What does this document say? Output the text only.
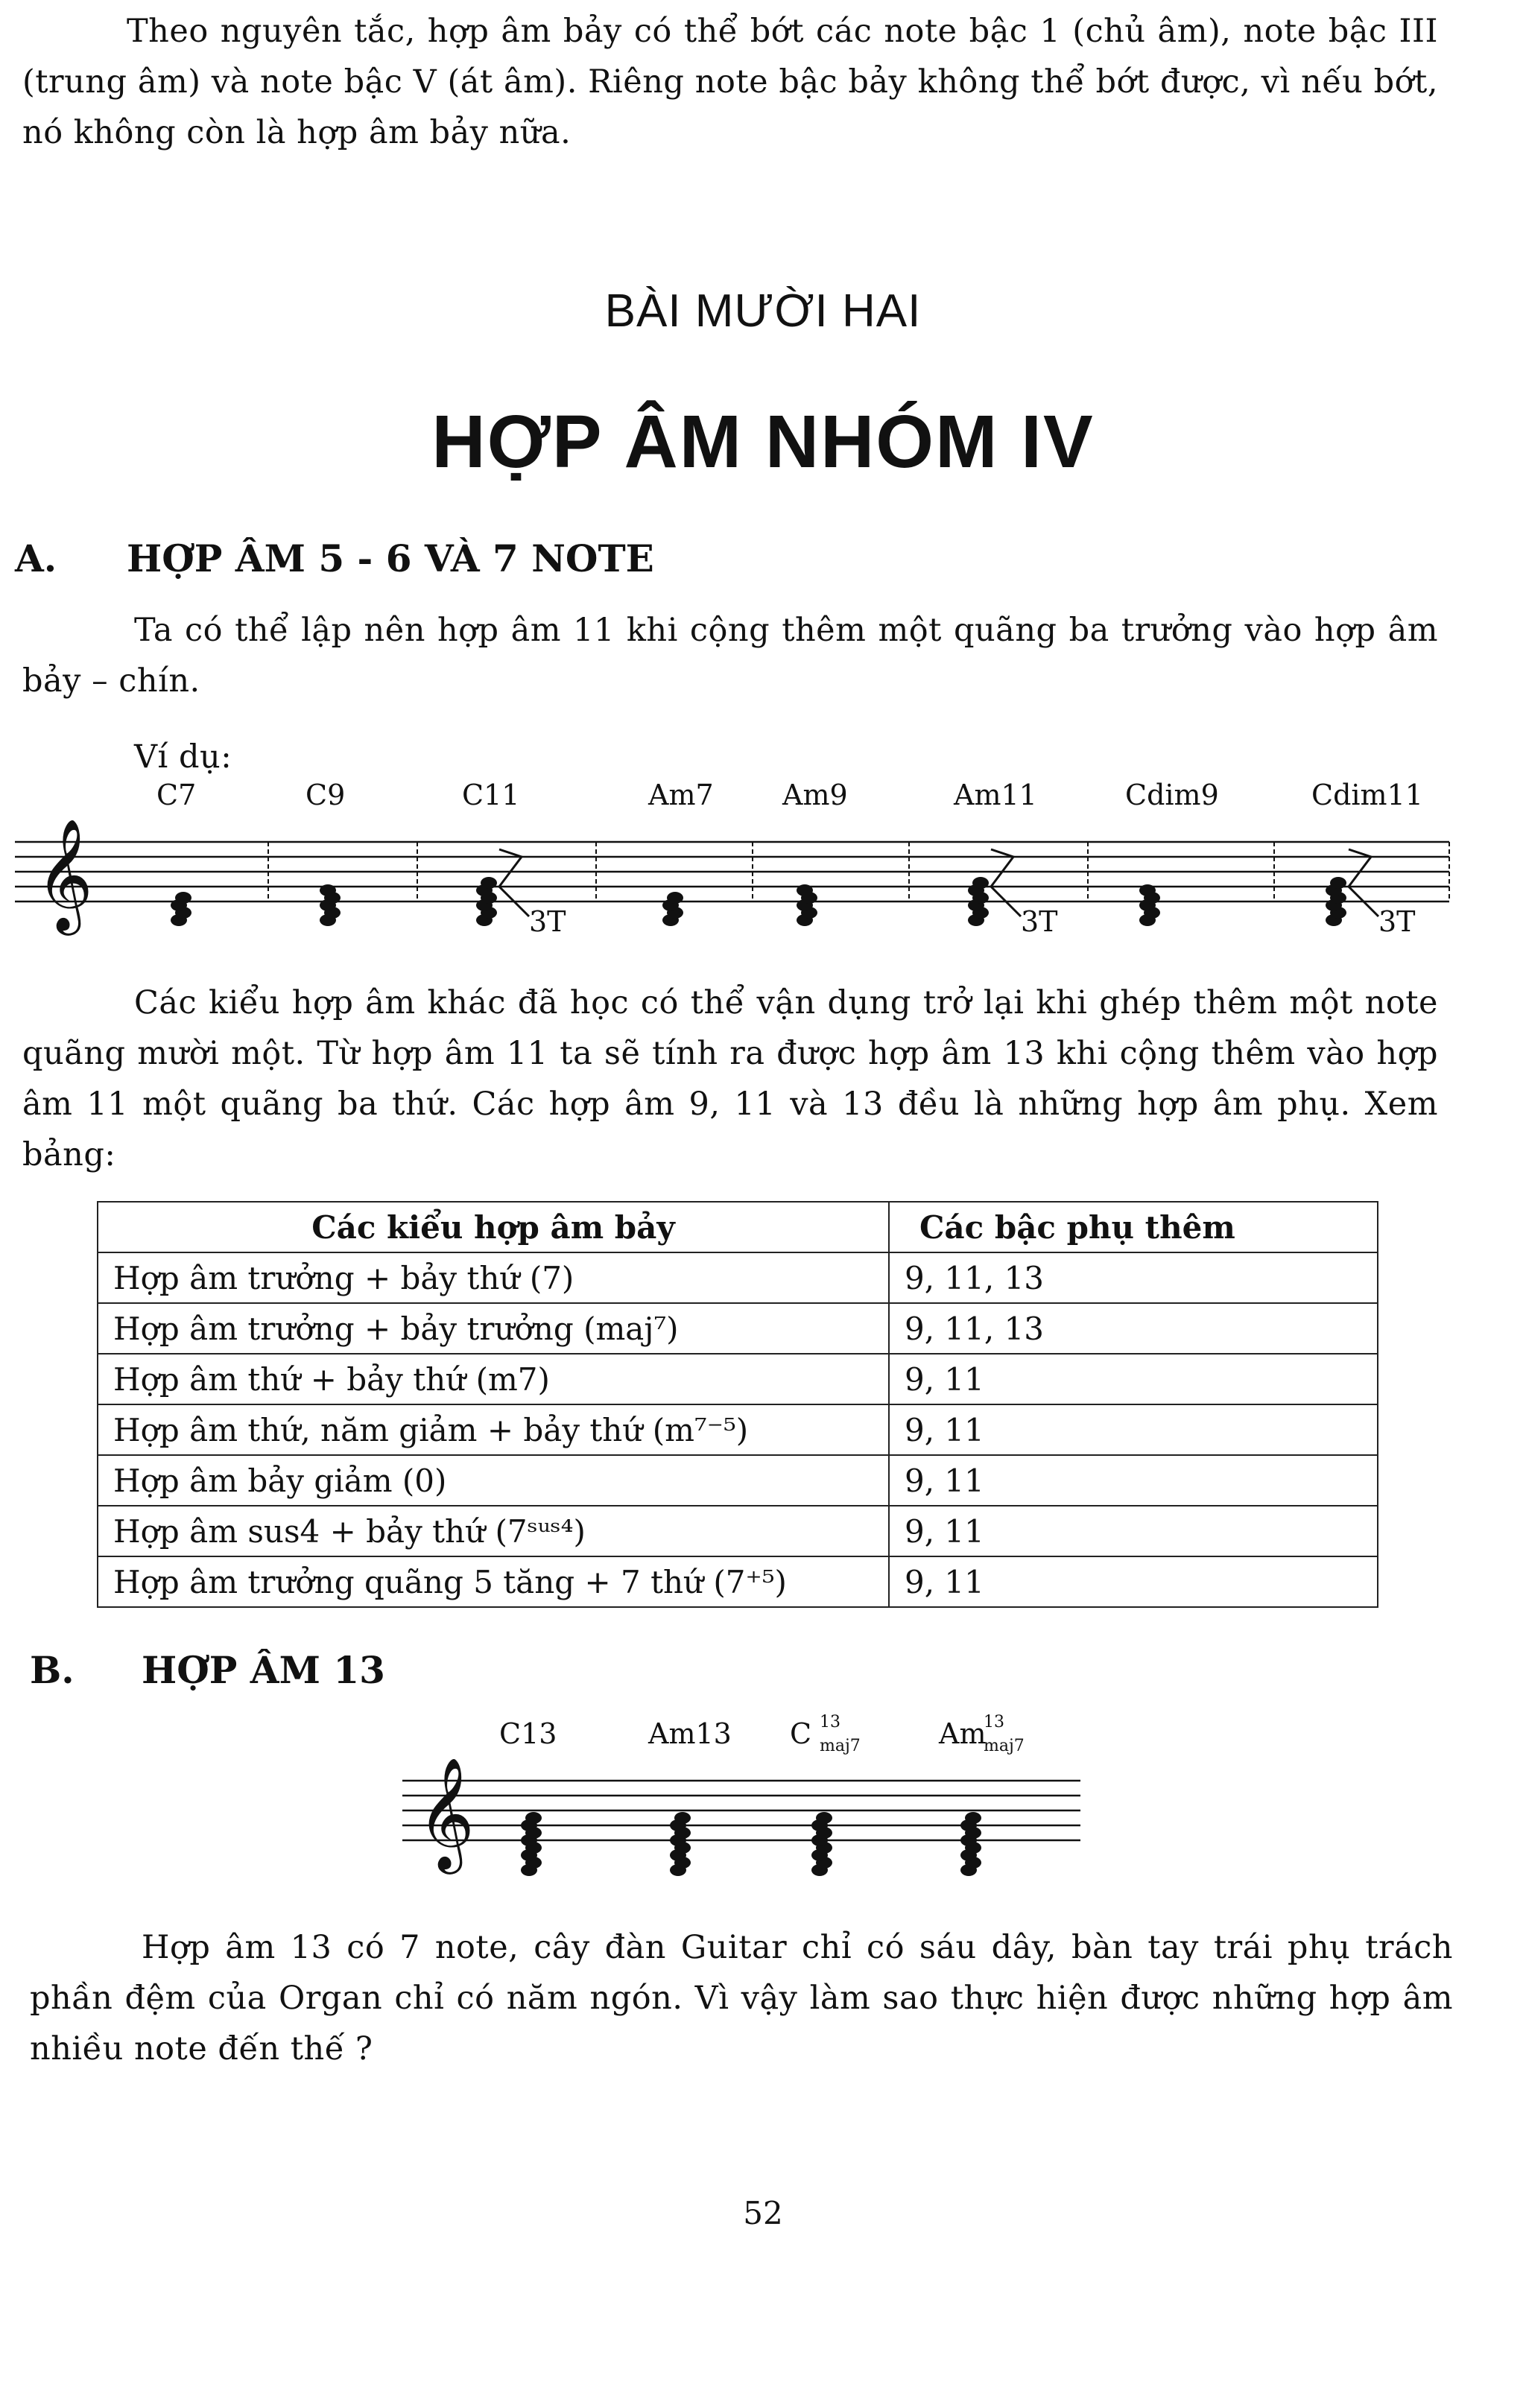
Theo nguyên tắc, hợp âm bảy có thể bớt các note bậc 1 (chủ âm), note bậc III (trung âm) và note bậc V (át âm). Riêng note bậc bảy không thể bớt được, vì nếu bớt, nó không còn là hợp âm bảy nữa.

BÀI MƯỜI HAI
HỢP ÂM NHÓM IV
A. HỢP ÂM 5 - 6 VÀ 7 NOTE

Ta có thể lập nên hợp âm 11 khi cộng thêm một quãng ba trưởng vào hợp âm bảy – chín.

Ví dụ:
C7	C9	C11	Am7 Am9	Am11	Cdim9	Cdim11
𝄞	3T	3T	3T

Các kiểu hợp âm khác đã học có thể vận dụng trở lại khi ghép thêm một note quãng mười một. Từ hợp âm 11 ta sẽ tính ra được hợp âm 13 khi cộng thêm vào hợp âm 11 một quãng ba thứ. Các hợp âm 9, 11 và 13 đều là những hợp âm phụ. Xem bảng:

Các kiểu hợp âm bảy	Các bậc phụ thêm
Hợp âm trưởng + bảy thứ (7)	9, 11, 13
Hợp âm trưởng + bảy trưởng (maj⁷)	9, 11, 13
Hợp âm thứ + bảy thứ (m7)	9, 11
Hợp âm thứ, năm giảm + bảy thứ (m⁷⁻⁵)	9, 11
Hợp âm bảy giảm (0)	9, 11
Hợp âm sus4 + bảy thứ (7ˢᵘˢ⁴)	9, 11
Hợp âm trưởng quãng 5 tăng + 7 thứ (7⁺⁵)	9, 11
B. HỢP ÂM 13
C13	Am13 C 13
maj7	Am
13
maj7
𝄞

Hợp âm 13 có 7 note, cây đàn Guitar chỉ có sáu dây, bàn tay trái phụ trách phần đệm của Organ chỉ có năm ngón. Vì vậy làm sao thực hiện được những hợp âm nhiều note đến thế ?

52
